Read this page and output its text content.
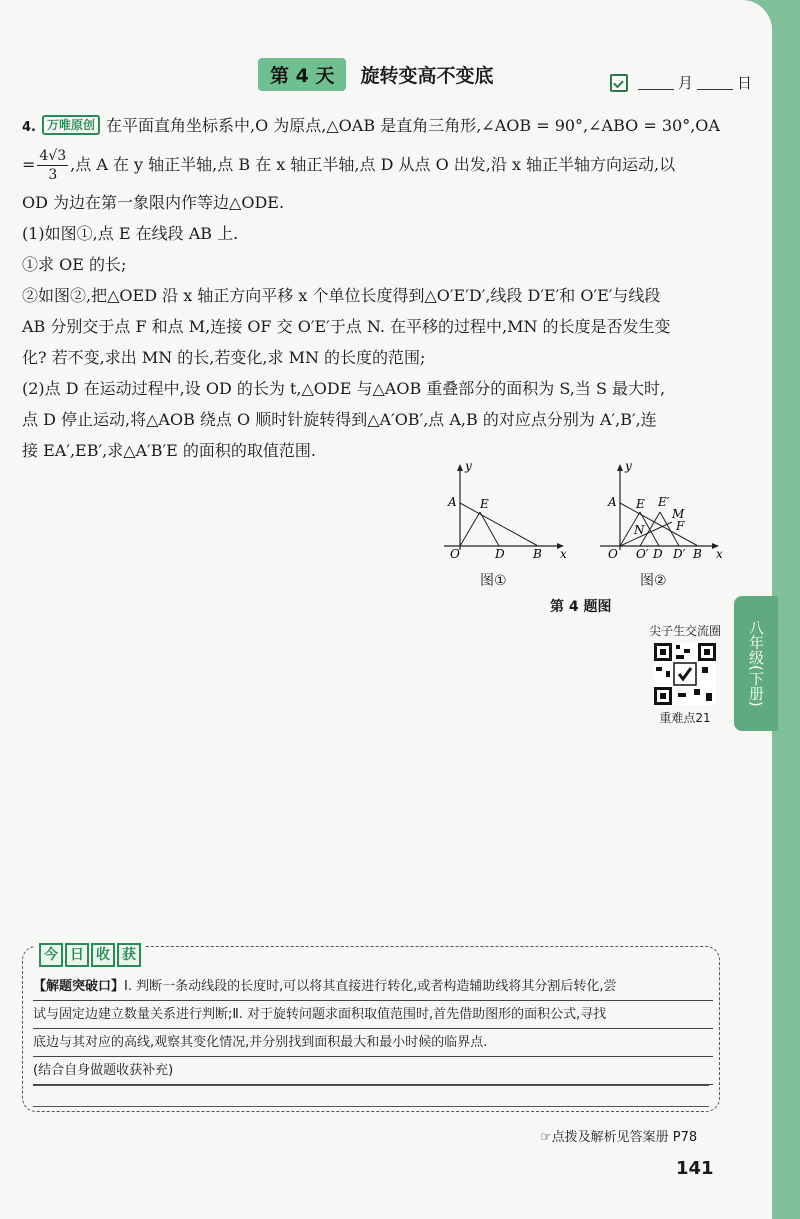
第 4 天	旋转变高不变底	月	日
4. 万唯原创 在平面直角坐标系中,O 为原点,△OAB 是直角三角形,∠AOB = 90°,∠ABO = 30°,OA
= $\frac{4√3}{3}$ ,点 A 在 y 轴正半轴,点 B 在 x 轴正半轴,点 D 从点 O 出发,沿 x 轴正半轴方向运动,以
OD 为边在第一象限内作等边△ODE.
(1)如图①,点 E 在线段 AB 上.
①求 OE 的长;
②如图②,把△OED 沿 x 轴正方向平移 x 个单位长度得到△O′E′D′,线段 D′E′和 O′E′与线段
AB 分别交于点 F 和点 M,连接 OF 交 O′E′于点 N. 在平移的过程中,MN 的长度是否发生变
化? 若不变,求出 MN 的长,若变化,求 MN 的长度的范围;
(2)点 D 在运动过程中,设 OD 的长为 t,△ODE 与△AOB 重叠部分的面积为 S,当 S 最大时,
点 D 停止运动,将△AOB 绕点 O 顺时针旋转得到△A′OB′,点 A,B 的对应点分别为 A′,B′,连
接 EA′,EB′,求△A′B′E 的面积的取值范围.
y
x
A E
O	D B
y
x
A E E′
M
F
N
O O′ D D′ B
图①	图②
第 4 题图
尖子生交流圈
重难点21
今 日 收 获
【解题突破口】Ⅰ. 判断一条动线段的长度时,可以将其直接进行转化,或者构造辅助线将其分割后转化,尝
试与固定边建立数量关系进行判断;Ⅱ. 对于旋转问题求面积取值范围时,首先借助图形的面积公式,寻找
底边与其对应的高线,观察其变化情况,并分别找到面积最大和最小时候的临界点.
(结合自身做题收获补充)
☞点拨及解析见答案册 P78
141
八年级(下册)
